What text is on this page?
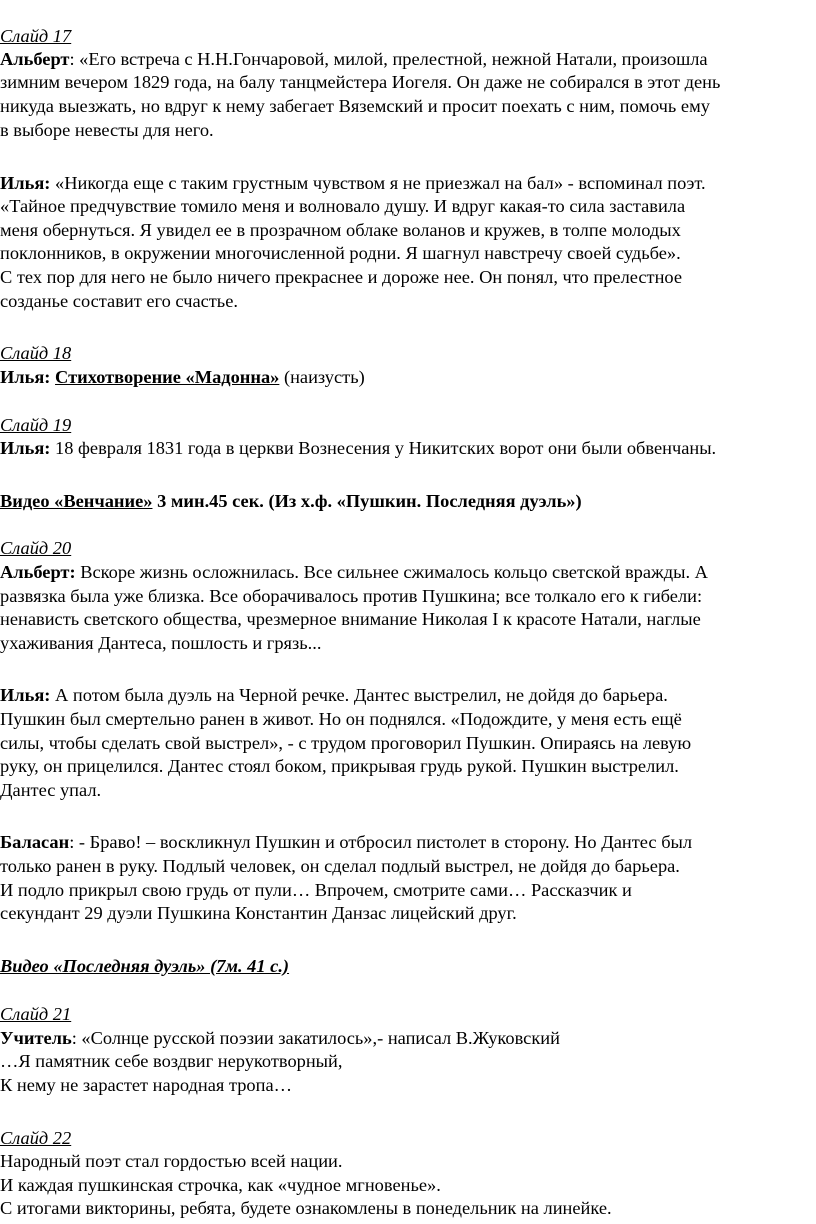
Слайд 17
Альберт: «Его встреча с Н.Н.Гончаровой, милой, прелестной, нежной Натали, произошла
зимним вечером 1829 года, на балу танцмейстера Иогеля. Он даже не собирался в этот день
никуда выезжать, но вдруг к нему забегает Вяземский и просит поехать с ним, помочь ему
в выборе невесты для него.
Илья: «Никогда еще с таким грустным чувством я не приезжал на бал» - вспоминал поэт.
«Тайное предчувствие томило меня и волновало душу. И вдруг какая-то сила заставила
меня обернуться. Я увидел ее в прозрачном облаке воланов и кружев, в толпе молодых
поклонников, в окружении многочисленной родни. Я шагнул навстречу своей судьбе».
С тех пор для него не было ничего прекраснее и дороже нее. Он понял, что прелестное
созданье составит его счастье.
Слайд 18
Илья: Стихотворение «Мадонна» (наизусть)
Слайд 19
Илья: 18 февраля 1831 года в церкви Вознесения у Никитских ворот они были обвенчаны.
Видео «Венчание» 3 мин.45 сек. (Из х.ф. «Пушкин. Последняя дуэль»)
Слайд 20
Альберт: Вскоре жизнь осложнилась. Все сильнее сжималось кольцо светской вражды. А
развязка была уже близка. Все оборачивалось против Пушкина; все толкало его к гибели:
ненависть светского общества, чрезмерное внимание Николая I к красоте Натали, наглые
ухаживания Дантеса, пошлость и грязь...
Илья: А потом была дуэль на Черной речке. Дантес выстрелил, не дойдя до барьера.
Пушкин был смертельно ранен в живот. Но он поднялся. «Подождите, у меня есть ещё
силы, чтобы сделать свой выстрел», - с трудом проговорил Пушкин. Опираясь на левую
руку, он прицелился. Дантес стоял боком, прикрывая грудь рукой. Пушкин выстрелил.
Дантес упал.
Баласан: - Браво! – воскликнул Пушкин и отбросил пистолет в сторону. Но Дантес был
только ранен в руку. Подлый человек, он сделал подлый выстрел, не дойдя до барьера.
И подло прикрыл свою грудь от пули… Впрочем, смотрите сами… Рассказчик и
секундант 29 дуэли Пушкина Константин Данзас лицейский друг.
Видео «Последняя дуэль» (7м. 41 с.)
Слайд 21
Учитель: «Солнце русской поэзии закатилось»,- написал В.Жуковский
…Я памятник себе воздвиг нерукотворный,
К нему не зарастет народная тропа…
Слайд 22
Народный поэт стал гордостью всей нации.
И каждая пушкинская строчка, как «чудное мгновенье».
С итогами викторины, ребята, будете ознакомлены в понедельник на линейке.
